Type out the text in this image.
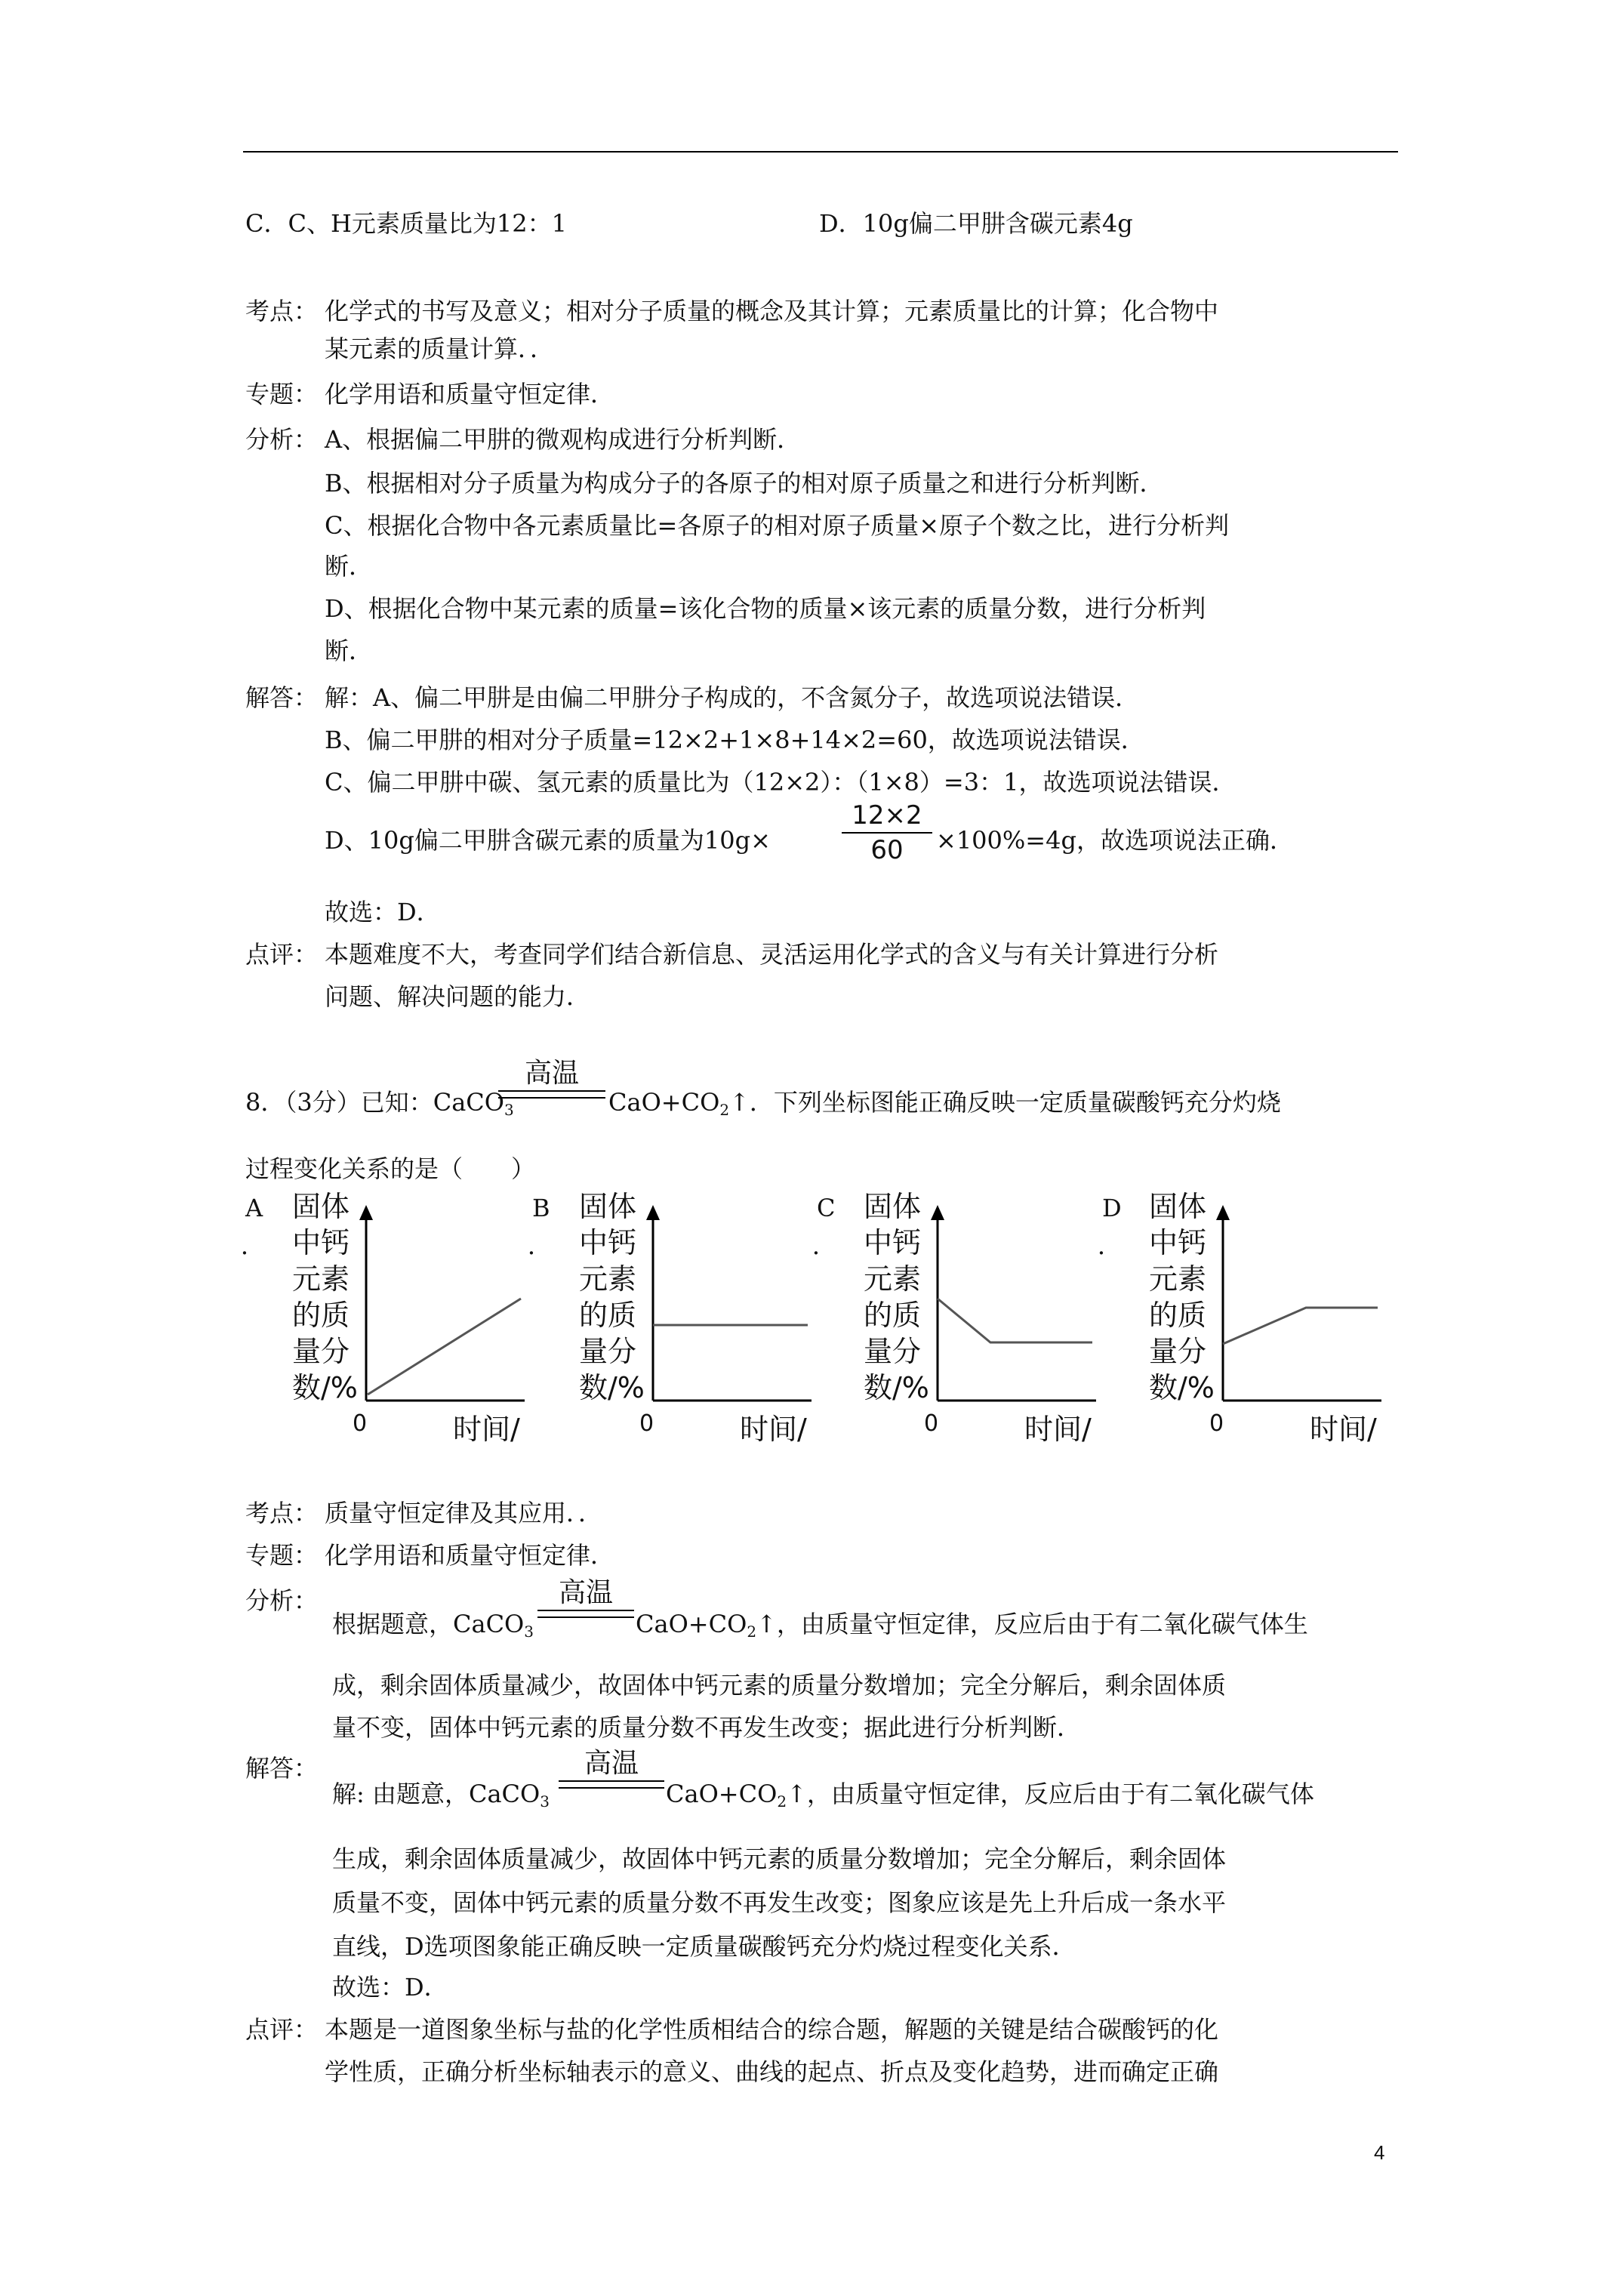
C．C、H元素质量比为12：1	D．10g偏二甲肼含碳元素4g
考点： 化学式的书写及意义；相对分子质量的概念及其计算；元素质量比的计算；化合物中
某元素的质量计算．．
专题： 化学用语和质量守恒定律．
分析： A、根据偏二甲肼的微观构成进行分析判断．
B、根据相对分子质量为构成分子的各原子的相对原子质量之和进行分析判断．
C、根据化合物中各元素质量比=各原子的相对原子质量×原子个数之比，进行分析判
断．
D、根据化合物中某元素的质量=该化合物的质量×该元素的质量分数，进行分析判
断．
解答： 解：A、偏二甲肼是由偏二甲肼分子构成的，不含氮分子，故选项说法错误．
B、偏二甲肼的相对分子质量=12×2+1×8+14×2=60，故选项说法错误．
C、偏二甲肼中碳、氢元素的质量比为（12×2）：（1×8）=3：1，故选项说法错误．
D、10g偏二甲肼含碳元素的质量为10g×
12×2
60	×100%=4g，故选项说法正确．
故选：D．
点评： 本题难度不大，考查同学们结合新信息、灵活运用化学式的含义与有关计算进行分析
问题、解决问题的能力．
8．（3分）已知：CaCO$_3$
高温
$CaO+CO_2↑$．下列坐标图能正确反映一定质量碳酸钙充分灼烧
过程变化关系的是（　　）
A
．
固体
中钙
元素
的质
量分
数/%
0	时间/
B
．
固体
中钙
元素
的质
量分
数/%
0	时间/
C
．
固体
中钙
元素
的质
量分
数/%
0	时间/
D
．
固体
中钙
元素
的质
量分
数/%
0	时间/
考点： 质量守恒定律及其应用．．
专题： 化学用语和质量守恒定律．
分析：
根据题意，CaCO$_3$
高温
$CaO+CO_2↑$，由质量守恒定律，反应后由于有二氧化碳气体生
成，剩余固体质量减少，故固体中钙元素的质量分数增加；完全分解后，剩余固体质
量不变，固体中钙元素的质量分数不再发生改变；据此进行分析判断．
解答：
解: 由题意，CaCO$_3$
高温
$CaO+CO_2↑$，由质量守恒定律，反应后由于有二氧化碳气体
生成，剩余固体质量减少，故固体中钙元素的质量分数增加；完全分解后，剩余固体
质量不变，固体中钙元素的质量分数不再发生改变；图象应该是先上升后成一条水平
直线，D选项图象能正确反映一定质量碳酸钙充分灼烧过程变化关系．
故选：D．
点评： 本题是一道图象坐标与盐的化学性质相结合的综合题，解题的关键是结合碳酸钙的化
学性质，正确分析坐标轴表示的意义、曲线的起点、折点及变化趋势，进而确定正确
4
